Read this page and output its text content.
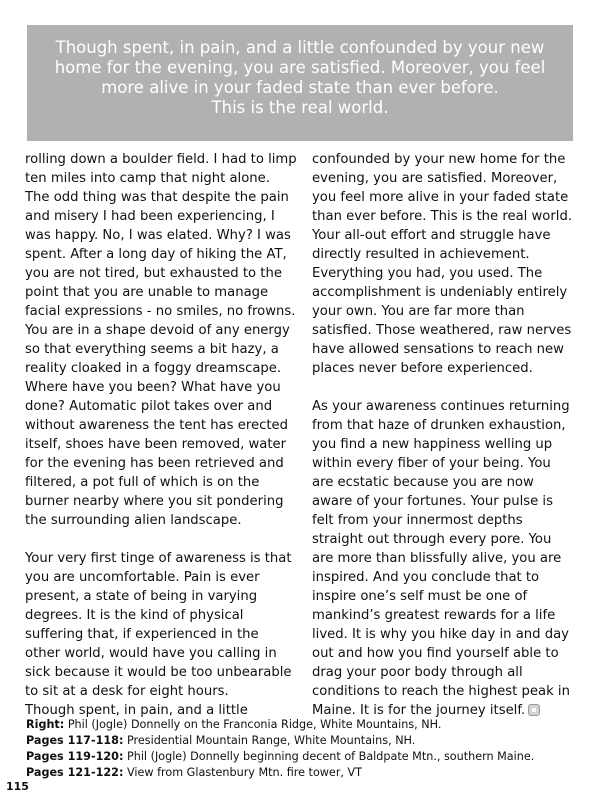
Though spent, in pain, and a little confounded by your new
home for the evening, you are satisfied. Moreover, you feel
more alive in your faded state than ever before.
This is the real world.

rolling down a boulder field. I had to limp ten miles into camp that night alone. The odd thing was that despite the pain and misery I had been experiencing, I was happy. No, I was elated. Why? I was spent. After a long day of hiking the AT, you are not tired, but exhausted to the point that you are unable to manage facial expressions - no smiles, no frowns. You are in a shape devoid of any energy so that everything seems a bit hazy, a reality cloaked in a foggy dreamscape. Where have you been? What have you done? Automatic pilot takes over and without awareness the tent has erected itself, shoes have been removed, water for the evening has been retrieved and filtered, a pot full of which is on the burner nearby where you sit pondering the surrounding alien landscape.

Your very first tinge of awareness is that you are uncomfortable. Pain is ever present, a state of being in varying degrees. It is the kind of physical suffering that, if experienced in the other world, would have you calling in sick because it would be too unbearable to sit at a desk for eight hours.

Though spent, in pain, and a little

confounded by your new home for the evening, you are satisfied. Moreover, you feel more alive in your faded state than ever before. This is the real world. Your all-out effort and struggle have directly resulted in achievement. Everything you had, you used. The accomplishment is undeniably entirely your own. You are far more than satisfied. Those weathered, raw nerves have allowed sensations to reach new places never before experienced.

As your awareness continues returning from that haze of drunken exhaustion, you find a new happiness welling up within every fiber of your being. You are ecstatic because you are now aware of your fortunes. Your pulse is felt from your innermost depths straight out through every pore. You are more than blissfully alive, you are inspired. And you conclude that to inspire one’s self must be one of mankind’s greatest rewards for a life lived. It is why you hike day in and day out and how you find yourself able to drag your poor body through all conditions to reach the highest peak in Maine. It is for the journey itself.

Right: Phil (Jogle) Donnelly on the Franconia Ridge, White Mountains, NH.
Pages 117-118: Presidential Mountain Range, White Mountains, NH.
Pages 119-120: Phil (Jogle) Donnelly beginning decent of Baldpate Mtn., southern Maine.
Pages 121-122: View from Glastenbury Mtn. fire tower, VT
115
